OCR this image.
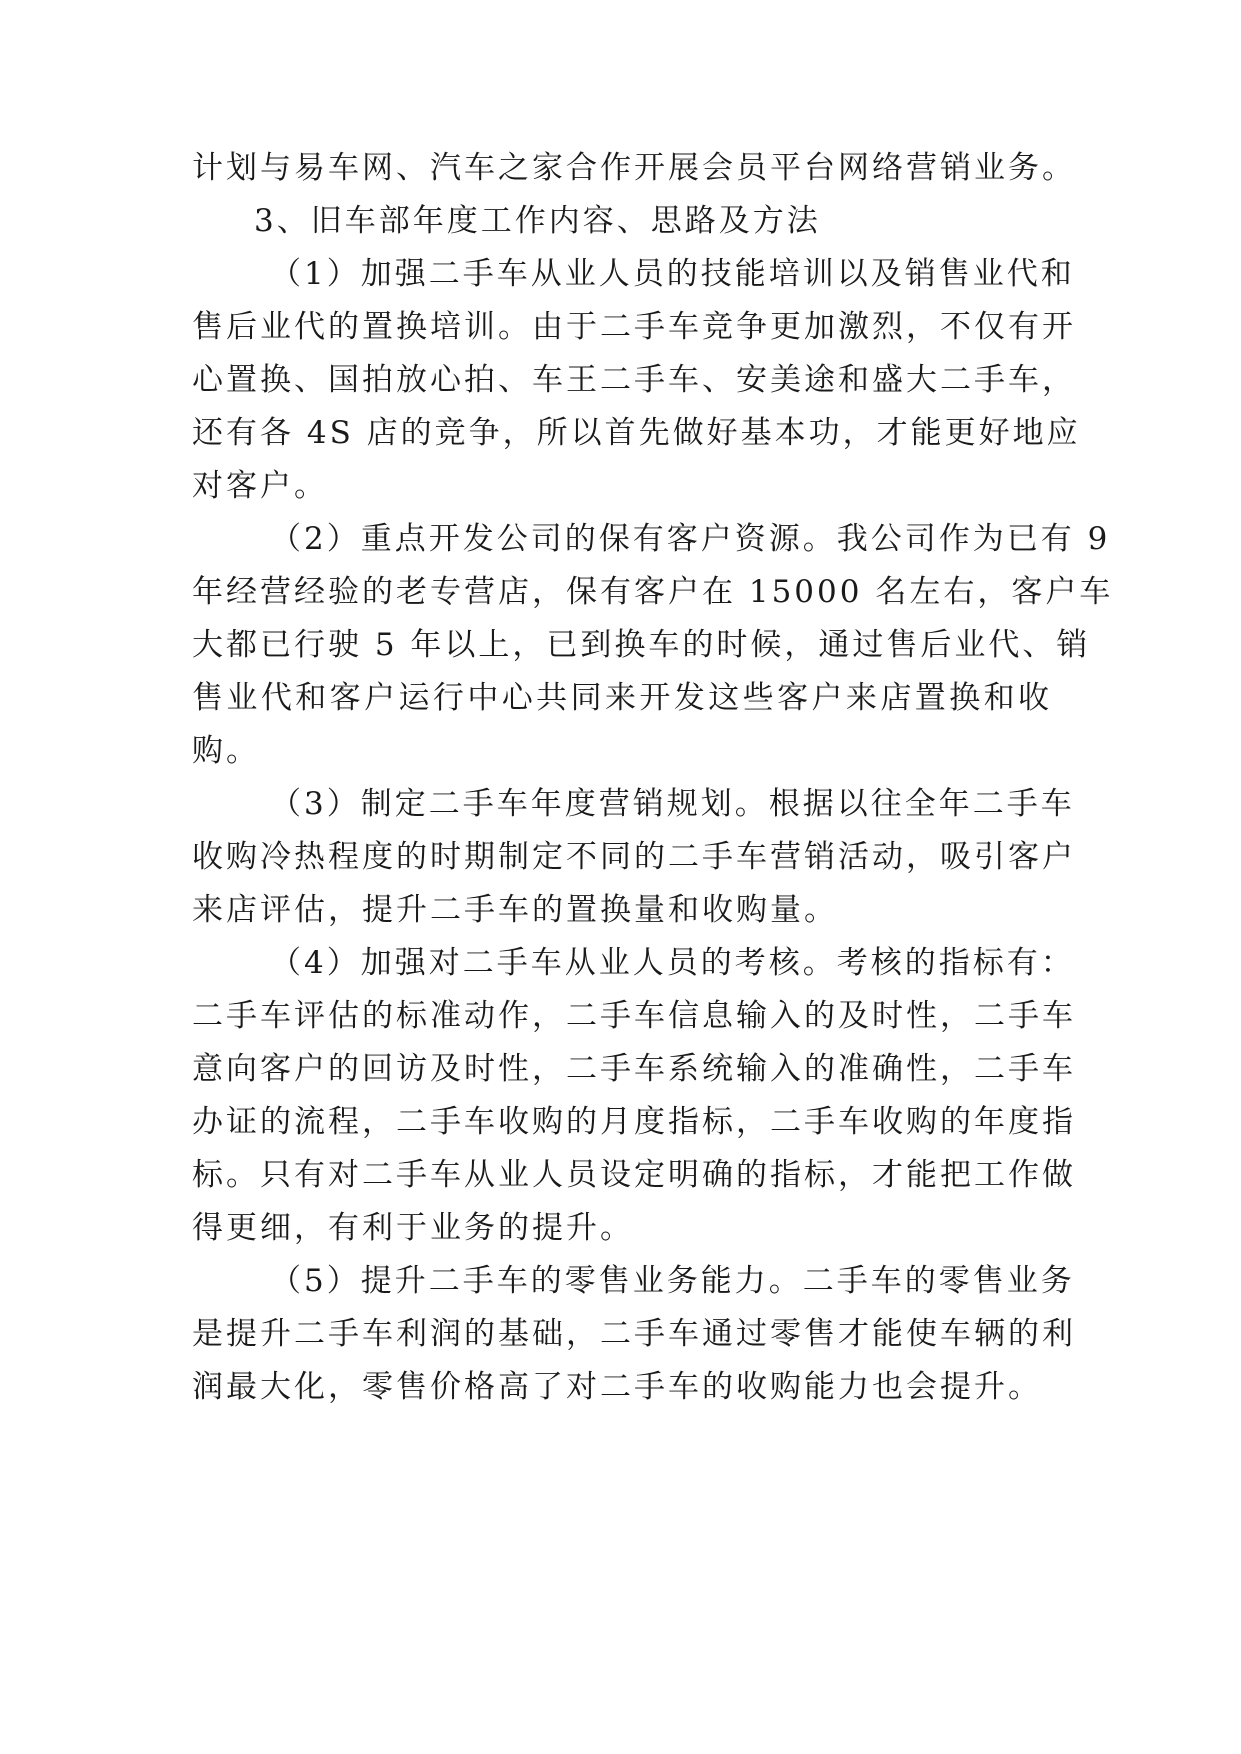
计划与易车网、汽车之家合作开展会员平台网络营销业务。
3、旧车部年度工作内容、思路及方法
（1）加强二手车从业人员的技能培训以及销售业代和
售后业代的置换培训。由于二手车竞争更加激烈，不仅有开
心置换、国拍放心拍、车王二手车、安美途和盛大二手车，
还有各 4S 店的竞争，所以首先做好基本功，才能更好地应
对客户。
（2）重点开发公司的保有客户资源。我公司作为已有 9
年经营经验的老专营店，保有客户在 15000 名左右，客户车
大都已行驶 5 年以上，已到换车的时候，通过售后业代、销
售业代和客户运行中心共同来开发这些客户来店置换和收
购。
（3）制定二手车年度营销规划。根据以往全年二手车
收购冷热程度的时期制定不同的二手车营销活动，吸引客户
来店评估，提升二手车的置换量和收购量。
（4）加强对二手车从业人员的考核。考核的指标有：
二手车评估的标准动作，二手车信息输入的及时性，二手车
意向客户的回访及时性，二手车系统输入的准确性，二手车
办证的流程，二手车收购的月度指标，二手车收购的年度指
标。只有对二手车从业人员设定明确的指标，才能把工作做
得更细，有利于业务的提升。
（5）提升二手车的零售业务能力。二手车的零售业务
是提升二手车利润的基础，二手车通过零售才能使车辆的利
润最大化，零售价格高了对二手车的收购能力也会提升。
